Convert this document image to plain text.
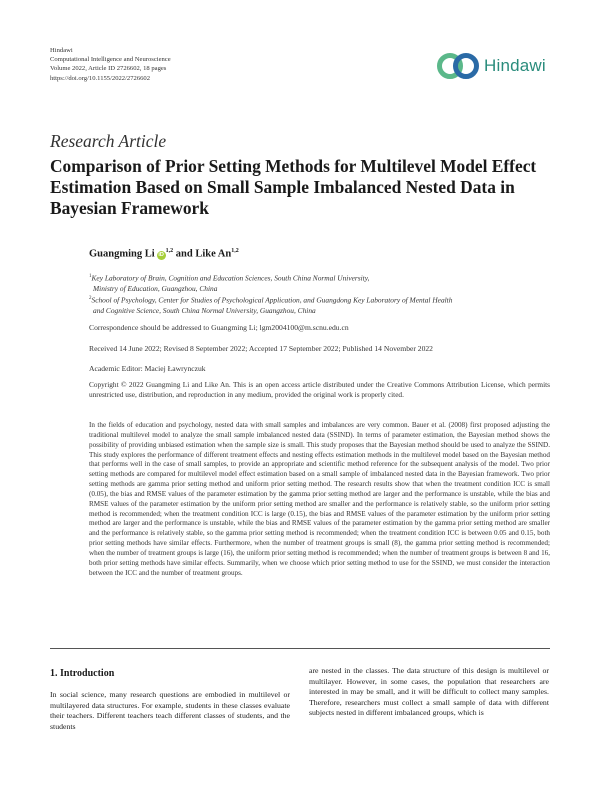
Hindawi
Computational Intelligence and Neuroscience
Volume 2022, Article ID 2726602, 18 pages
https://doi.org/10.1155/2022/2726602
Hindawi
Research Article
Comparison of Prior Setting Methods for Multilevel Model Effect Estimation Based on Small Sample Imbalanced Nested Data in Bayesian Framework
Guangming Li iD$^{1,2}$ and Like An$^{1,2}$
$^1$Key Laboratory of Brain, Cognition and Education Sciences, South China Normal University,
Ministry of Education, Guangzhou, China
$^2$School of Psychology, Center for Studies of Psychological Application, and Guangdong Key Laboratory of Mental Health
and Cognitive Science, South China Normal University, Guangzhou, China
Correspondence should be addressed to Guangming Li; lgm2004100@m.scnu.edu.cn
Received 14 June 2022; Revised 8 September 2022; Accepted 17 September 2022; Published 14 November 2022
Academic Editor: Maciej Ławrynczuk
Copyright © 2022 Guangming Li and Like An. This is an open access article distributed under the Creative Commons Attribution License, which permits unrestricted use, distribution, and reproduction in any medium, provided the original work is properly cited.
In the fields of education and psychology, nested data with small samples and imbalances are very common. Bauer et al. (2008) first proposed adjusting the traditional multilevel model to analyze the small sample imbalanced nested data (SSIND). In terms of parameter estimation, the Bayesian method shows the possibility of providing unbiased estimation when the sample size is small. This study proposes that the Bayesian method should be used to analyze the SSIND. This study explores the performance of different treatment effects and nesting effects estimation methods in the multilevel model based on the Bayesian method that performs well in the case of small samples, to provide an appropriate and scientific method reference for the subsequent analysis of the model. Two prior setting methods are compared for multilevel model effect estimation based on a small sample of imbalanced nested data in the Bayesian framework. Two prior setting methods are gamma prior setting method and uniform prior setting method. The research results show that when the treatment condition ICC is small (0.05), the bias and RMSE values of the parameter estimation by the gamma prior setting method are larger and the performance is unstable, while the bias and RMSE values of the parameter estimation by the uniform prior setting method are smaller and the performance is relatively stable, so the uniform prior setting method is recommended; when the treatment condition ICC is large (0.15), the bias and RMSE values of the parameter estimation by the uniform prior setting method are larger and the performance is unstable, while the bias and RMSE values of the parameter estimation by the gamma prior setting method are smaller and the performance is relatively stable, so the gamma prior setting method is recommended; when the treatment condition ICC is between 0.05 and 0.15, both prior setting methods have similar effects. Furthermore, when the number of treatment groups is small (8), the gamma prior setting method is recommended; when the number of treatment groups is large (16), the uniform prior setting method is recommended; when the number of treatment groups is between 8 and 16, both prior setting methods have similar effects. Summarily, when we choose which prior setting method to use for the SSIND, we must consider the interaction between the ICC and the number of treatment groups.
1. Introduction
In social science, many research questions are embodied in multilevel or multilayered data structures. For example, students in these classes evaluate their teachers. Different teachers teach different classes of students, and the students
are nested in the classes. The data structure of this design is multilevel or multilayer. However, in some cases, the population that researchers are interested in may be small, and it will be difficult to collect many samples. Therefore, researchers must collect a small sample of data with different subjects nested in different imbalanced groups, which is
